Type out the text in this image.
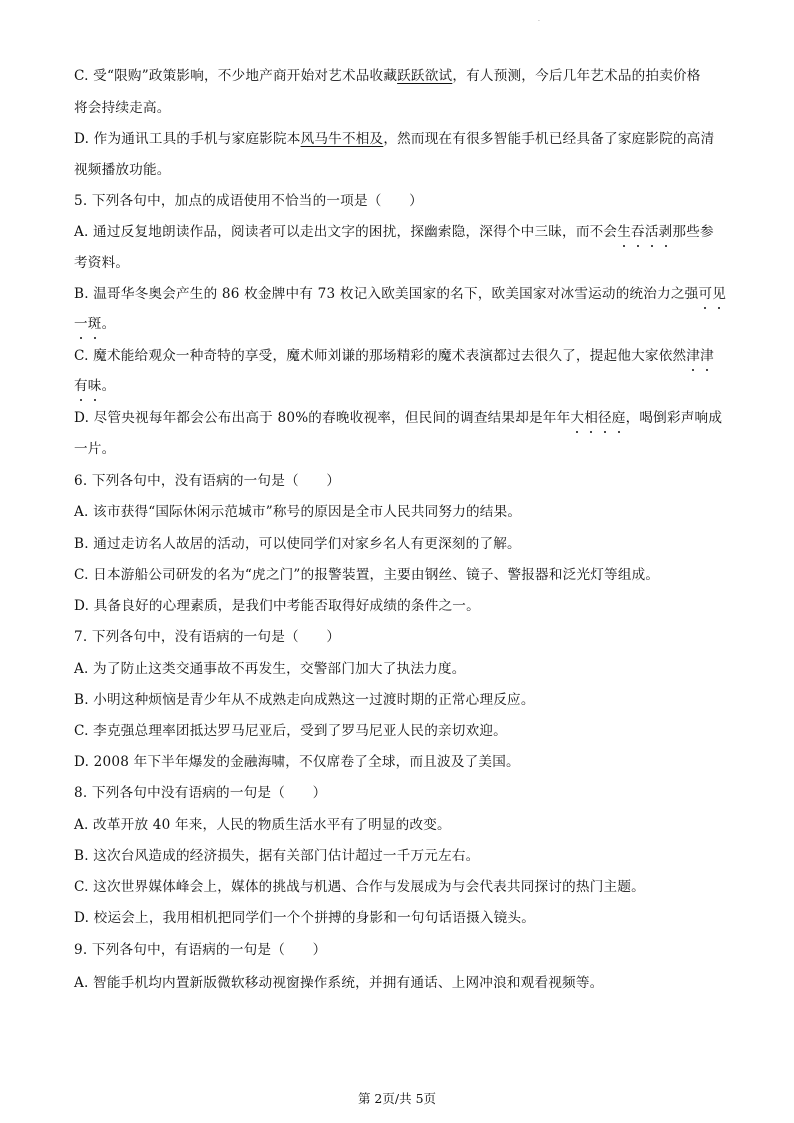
.
C. 受“限购”政策影响，不少地产商开始对艺术品收藏跃跃欲试，有人预测，今后几年艺术品的拍卖价格
将会持续走高。
D. 作为通讯工具的手机与家庭影院本风马牛不相及，然而现在有很多智能手机已经具备了家庭影院的高清
视频播放功能。
5. 下列各句中，加点的成语使用不恰当的一项是（　　）
A. 通过反复地朗读作品，阅读者可以走出文字的困扰，探幽索隐，深得个中三昧，而不会生吞活剥那些参
考资料。
B. 温哥华冬奥会产生的 86 枚金牌中有 73 枚记入欧美国家的名下，欧美国家对冰雪运动的统治力之强可见
一斑。
C. 魔术能给观众一种奇特的享受，魔术师刘谦的那场精彩的魔术表演都过去很久了，提起他大家依然津津
有味。
D. 尽管央视每年都会公布出高于 80%的春晚收视率，但民间的调查结果却是年年大相径庭，喝倒彩声响成
一片。
6. 下列各句中，没有语病的一句是（　　）
A. 该市获得“国际休闲示范城市”称号的原因是全市人民共同努力的结果。
B. 通过走访名人故居的活动，可以使同学们对家乡名人有更深刻的了解。
C. 日本游船公司研发的名为“虎之门”的报警装置，主要由钢丝、镜子、警报器和泛光灯等组成。
D. 具备良好的心理素质，是我们中考能否取得好成绩的条件之一。
7. 下列各句中，没有语病的一句是（　　）
A. 为了防止这类交通事故不再发生，交警部门加大了执法力度。
B. 小明这种烦恼是青少年从不成熟走向成熟这一过渡时期的正常心理反应。
C. 李克强总理率团抵达罗马尼亚后，受到了罗马尼亚人民的亲切欢迎。
D. 2008 年下半年爆发的金融海啸，不仅席卷了全球，而且波及了美国。
8. 下列各句中没有语病的一句是（　　）
A. 改革开放 40 年来，人民的物质生活水平有了明显的改变。
B. 这次台风造成的经济损失，据有关部门估计超过一千万元左右。
C. 这次世界媒体峰会上，媒体的挑战与机遇、合作与发展成为与会代表共同探讨的热门主题。
D. 校运会上，我用相机把同学们一个个拼搏的身影和一句句话语摄入镜头。
9. 下列各句中，有语病的一句是（　　）
A. 智能手机均内置新版微软移动视窗操作系统，并拥有通话、上网冲浪和观看视频等。
第 2页/共 5页
